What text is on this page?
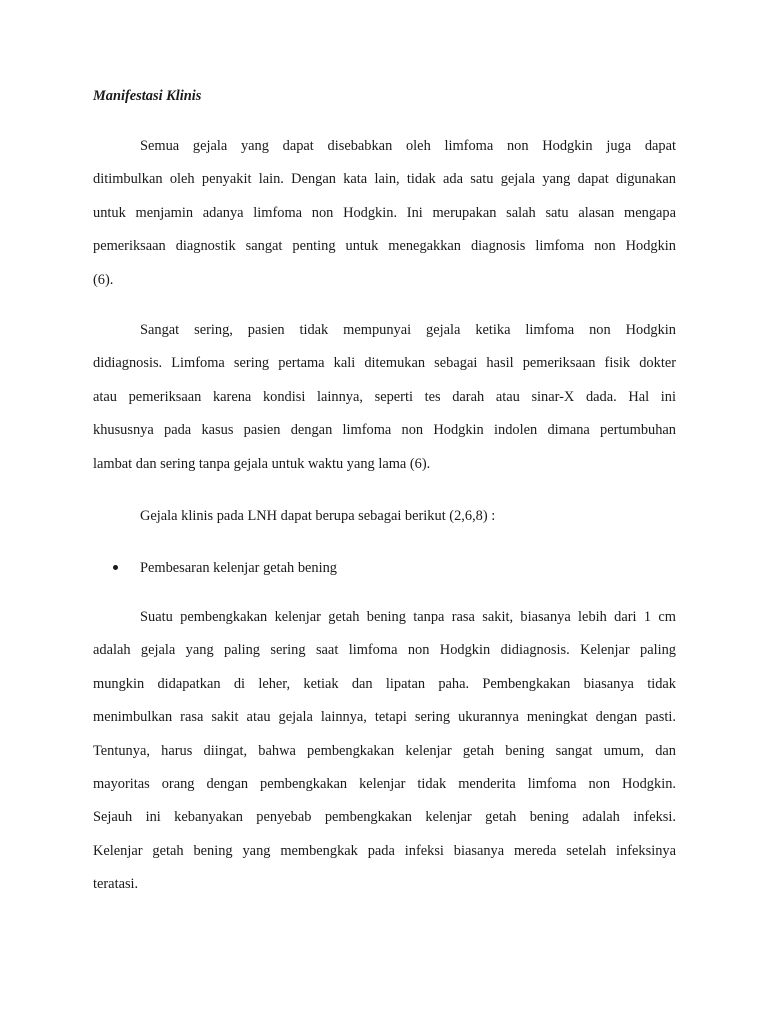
Manifestasi Klinis

Semua gejala yang dapat disebabkan oleh limfoma non Hodgkin juga dapat
ditimbulkan oleh penyakit lain. Dengan kata lain, tidak ada satu gejala yang dapat digunakan
untuk menjamin adanya limfoma non Hodgkin. Ini merupakan salah satu alasan mengapa
pemeriksaan diagnostik sangat penting untuk menegakkan diagnosis limfoma non Hodgkin
(6).
Sangat sering, pasien tidak mempunyai gejala ketika limfoma non Hodgkin
didiagnosis. Limfoma sering pertama kali ditemukan sebagai hasil pemeriksaan fisik dokter
atau pemeriksaan karena kondisi lainnya, seperti tes darah atau sinar-X dada. Hal ini
khususnya pada kasus pasien dengan limfoma non Hodgkin indolen dimana pertumbuhan
lambat dan sering tanpa gejala untuk waktu yang lama (6).
Gejala klinis pada LNH dapat berupa sebagai berikut (2,6,8) :
Pembesaran kelenjar getah bening
Suatu pembengkakan kelenjar getah bening tanpa rasa sakit, biasanya lebih dari 1 cm
adalah gejala yang paling sering saat limfoma non Hodgkin didiagnosis. Kelenjar paling
mungkin didapatkan di leher, ketiak dan lipatan paha. Pembengkakan biasanya tidak
menimbulkan rasa sakit atau gejala lainnya, tetapi sering ukurannya meningkat dengan pasti.
Tentunya, harus diingat, bahwa pembengkakan kelenjar getah bening sangat umum, dan
mayoritas orang dengan pembengkakan kelenjar tidak menderita limfoma non Hodgkin.
Sejauh ini kebanyakan penyebab pembengkakan kelenjar getah bening adalah infeksi.
Kelenjar getah bening yang membengkak pada infeksi biasanya mereda setelah infeksinya
teratasi.
